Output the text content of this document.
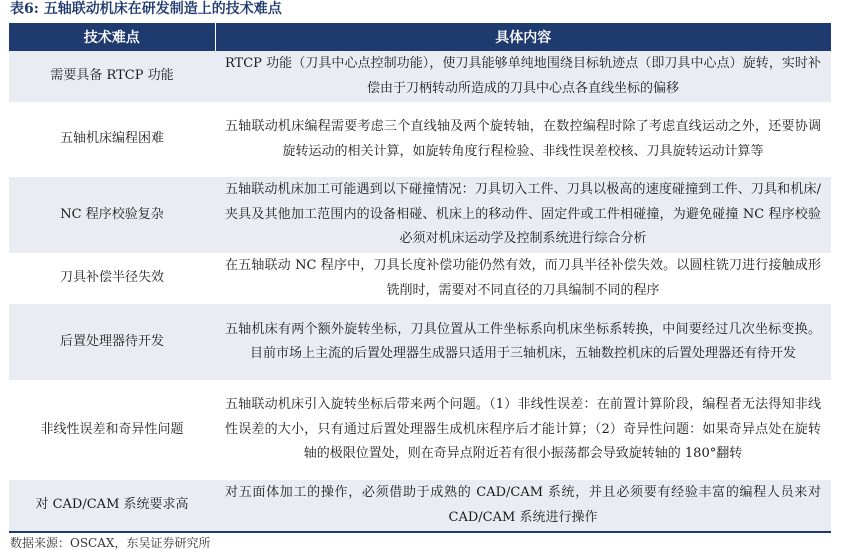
表6: 五轴联动机床在研发制造上的技术难点
技术难点	具体内容
需要具备 RTCP 功能	RTCP 功能（刀具中心点控制功能），使刀具能够单纯地围绕目标轨迹点（即刀具中心点）旋转，实时补偿由于刀柄转动所造成的刀具中心点各直线坐标的偏移
五轴机床编程困难	五轴联动机床编程需要考虑三个直线轴及两个旋转轴，在数控编程时除了考虑直线运动之外，还要协调旋转运动的相关计算，如旋转角度行程检验、非线性误差校核、刀具旋转运动计算等
NC 程序校验复杂	五轴联动机床加工可能遇到以下碰撞情况：刀具切入工件、刀具以极高的速度碰撞到工件、刀具和机床/夹具及其他加工范围内的设备相碰、机床上的移动件、固定件或工件相碰撞，为避免碰撞 NC 程序校验必须对机床运动学及控制系统进行综合分析
刀具补偿半径失效	在五轴联动 NC 程序中，刀具长度补偿功能仍然有效，而刀具半径补偿失效。以圆柱铣刀进行接触成形铣削时，需要对不同直径的刀具编制不同的程序
后置处理器待开发	五轴机床有两个额外旋转坐标，刀具位置从工件坐标系向机床坐标系转换，中间要经过几次坐标变换。目前市场上主流的后置处理器生成器只适用于三轴机床，五轴数控机床的后置处理器还有待开发
非线性误差和奇异性问题	五轴联动机床引入旋转坐标后带来两个问题。（1）非线性误差：在前置计算阶段，编程者无法得知非线性误差的大小，只有通过后置处理器生成机床程序后才能计算；（2）奇异性问题：如果奇异点处在旋转轴的极限位置处，则在奇异点附近若有很小振荡都会导致旋转轴的 180°翻转
对 CAD/CAM 系统要求高	对五面体加工的操作，必须借助于成熟的 CAD/CAM 系统，并且必须要有经验丰富的编程人员来对 CAD/CAM 系统进行操作
数据来源：OSCAX，东吴证券研究所
